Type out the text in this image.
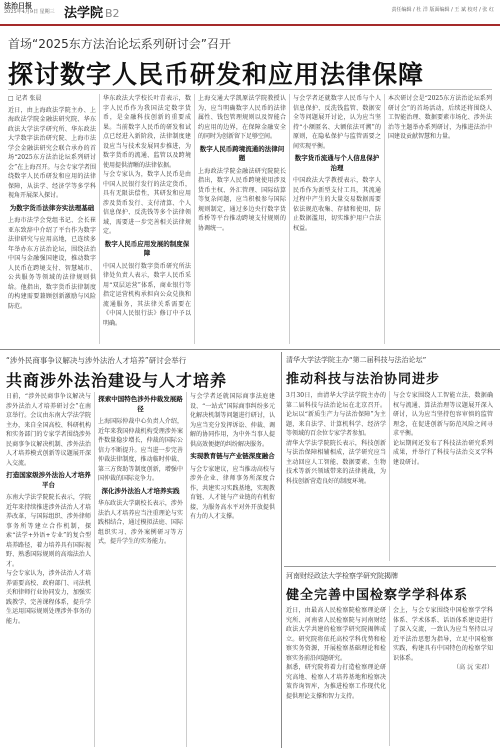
法治日报
2025年4月9日 星期三 法学院 B2	责任编辑 / 杜 洋 版面编辑 / 王 斌 校对 / 张 红
首场“2025东方法治论坛系列研讨会”召开
探讨数字人民币研发和应用法律保障
□ 记者 张晨

近日，由上海政法学院主办、上海政法学院金融法研究院、华东政法大学法学研究所、华东政法大学数字法治研究院、上海市法学会金融法研究会联合承办的首场“2025东方法治论坛系列研讨会”在上海召开。与会专家学者围绕数字人民币研发和应用的法律保障，从法学、经济学等多学科视角开展深入探讨。

为数字货币法律夯实法理基础

上海市法学会党组书记、会长崔亚东致辞中介绍了平台作为数字法律研究与应用高地，已连续多年举办东方法治论坛，围绕法治中国与金融强国建设，推动数字人民币在跨境支付、智慧城市、公共服务等领域的法律规则供给。他指出，数字货币法律制度的构建需要兼顾创新激励与风险防范。

华东政法大学校长叶青表示，数字人民币作为我国法定数字货币，是金融科技创新的重要成果。当前数字人民币的研发和试点已经进入新阶段，法律制度建设应当与技术发展同步推进，为数字货币的流通、监管以及跨境使用提供清晰的法律依据。

与会专家认为，数字人民币是由中国人民银行发行的法定货币，具有无限法偿性，其研发和应用涉及货币发行、支付清算、个人信息保护、反洗钱等多个法律领域，需要进一步完善相关法律规定。

数字人民币应用发展的制度保障

中国人民银行数字货币研究所法律处负责人表示，数字人民币采用“双层运营”体系，商业银行等指定运营机构承担向公众兑换和流通服务，其法律关系需要在《中国人民银行法》修订中予以明确。

上海交通大学凯原法学院教授认为，应当明确数字人民币的法律属性、钱包管理规则以及智能合约应用的边界，在保障金融安全的同时为创新留下足够空间。

数字人民币跨境流通的法律问题

上海政法学院金融法研究院院长指出，数字人民币跨境使用涉及货币主权、外汇管理、国际结算等复杂问题，应当积极参与国际规则制定，通过多边央行数字货币桥等平台推动跨境支付规则的协调统一。

与会学者还就数字人民币与个人信息保护、反洗钱监管、数据安全等问题展开讨论，认为应当坚持“小额匿名、大额依法可溯”的原则，在隐私保护与监管需要之间实现平衡。

数字货币流通与个人信息保护治理

中国政法大学教授表示，数字人民币作为新型支付工具，其流通过程中产生的大量交易数据需要依法规范收集、存储和使用，防止数据滥用，切实维护用户合法权益。

本次研讨会是“2025东方法治论坛系列研讨会”的首场活动，后续还将围绕人工智能治理、数据要素市场化、涉外法治等主题举办系列研讨，为推进法治中国建设贡献智慧和力量。

“涉外民商事争议解决与涉外法治人才培养”研讨会举行
共商涉外法治建设与人才培养

日前，“涉外民商事争议解决与涉外法治人才培养研讨会”在南京举行。会议由东南大学法学院主办，来自全国高校、科研机构和实务部门的专家学者围绕涉外民商事争议解决机制、涉外法治人才培养模式创新等议题展开深入交流。

打造国家级涉外法治人才培养平台

东南大学法学院院长表示，学院近年来持续推进涉外法治人才培养改革，与国际组织、涉外律师事务所等建立合作机制，探索“法学+外语+专业”的复合型培养路径，着力培养具有国际视野、熟悉国际规则的高端法治人才。

与会专家认为，涉外法治人才培养需要高校、政府部门、司法机关和律师行业协同发力，加强实践教学，完善课程体系，提升学生运用国际规则处理涉外事务的能力。

探索中国特色涉外仲裁发展路径

上海国际仲裁中心负责人介绍，近年来我国仲裁机构受理涉外案件数量稳步增长，仲裁的国际公信力不断提升。应当进一步完善仲裁法律制度，推动临时仲裁、第三方资助等制度创新，增强中国仲裁的国际竞争力。

深化涉外法治人才培养实践

华东政法大学副校长表示，涉外法治人才培养应当注重理论与实践相结合，通过模拟法庭、国际组织实习、涉外案例研习等方式，提升学生的实务能力。

与会学者还就国际商事法庭建设、“一站式”国际商事纠纷多元化解决机制等问题进行研讨，认为应当充分发挥诉讼、仲裁、调解的协同作用，为中外当事人提供高效便捷的纠纷解决服务。

实现教育链与产业链深度融合

与会专家建议，应当推动高校与涉外企业、律师事务所深度合作，共建实习实践基地，实现教育链、人才链与产业链的有机衔接，为服务高水平对外开放提供有力的人才支撑。

清华大学法学院主办“第二届科技与法治论坛”
推动科技与法治协同进步

3月30日，由清华大学法学院主办的第二届科技与法治论坛在北京召开。论坛以“新质生产力与法治保障”为主题，来自法学、计算机科学、经济学等领域的百余位专家学者参加。

清华大学法学院院长表示，科技创新与法治保障相辅相成，法学研究应当主动回应人工智能、数据要素、生物技术等新兴领域带来的法律挑战，为科技创新营造良好的制度环境。

与会专家围绕人工智能立法、数据确权与流通、算法治理等议题展开深入研讨，认为应当坚持包容审慎的监管理念，在促进创新与防范风险之间寻求平衡。

论坛期间还发布了科技法治研究系列成果，并举行了科技与法治交叉学科建设研讨。

河南财经政法大学检察学研究院揭牌
健全完善中国检察学学科体系

近日，由最高人民检察院检察理论研究所、河南省人民检察院与河南财经政法大学共建的检察学研究院揭牌成立。研究院将依托高校学科优势和检察实务资源，开展检察基础理论和检察实务前沿问题研究。

据悉，研究院将着力打造检察理论研究高地、检察人才培养基地和检察决策咨询智库，为推进检察工作现代化提供理论支撑和智力支持。

会上，与会专家围绕中国检察学学科体系、学术体系、话语体系建设进行了深入交流，一致认为应当坚持以习近平法治思想为指导，立足中国检察实践，构建具有中国特色的检察学知识体系。

（高 沅 宋君）
